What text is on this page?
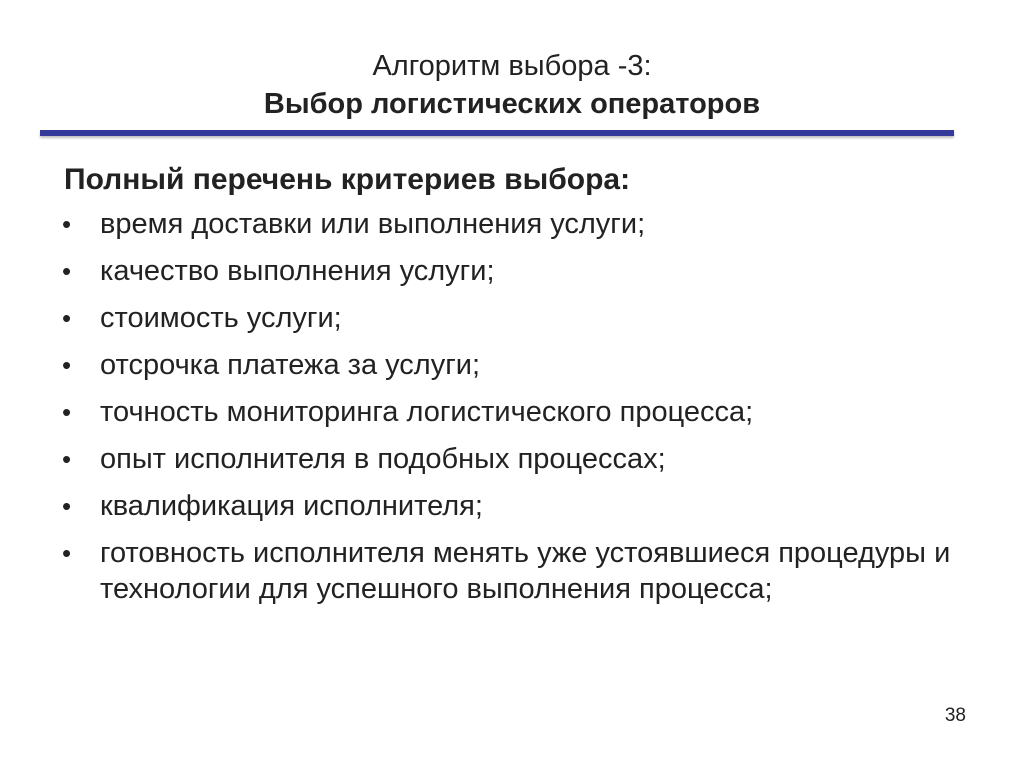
Алгоритм выбора -3:
Выбор логистических операторов
Полный перечень критериев выбора:
• время доставки или выполнения услуги;
• качество выполнения услуги;
• стоимость услуги;
• отсрочка платежа за услуги;
• точность мониторинга логистического процесса;
• опыт исполнителя в подобных процессах;
• квалификация исполнителя;
• готовность исполнителя менять уже устоявшиеся процедуры и технологии для успешного выполнения процесса;
38
